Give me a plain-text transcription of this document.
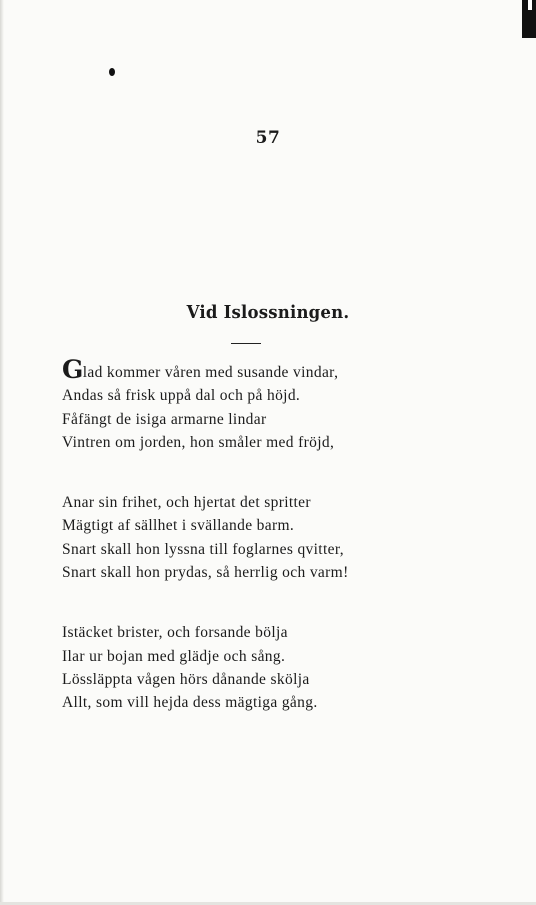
57
Vid Islossningen.
Glad kommer våren med susande vindar,
Andas så frisk uppå dal och på höjd.
Fåfängt de isiga armarne lindar
Vintren om jorden, hon småler med fröjd,
Anar sin frihet, och hjertat det spritter
Mägtigt af sällhet i svällande barm.
Snart skall hon lyssna till foglarnes qvitter,
Snart skall hon prydas, så herrlig och varm!
Istäcket brister, och forsande bölja
Ilar ur bojan med glädje och sång.
Lössläppta vågen hörs dånande skölja
Allt, som vill hejda dess mägtiga gång.
